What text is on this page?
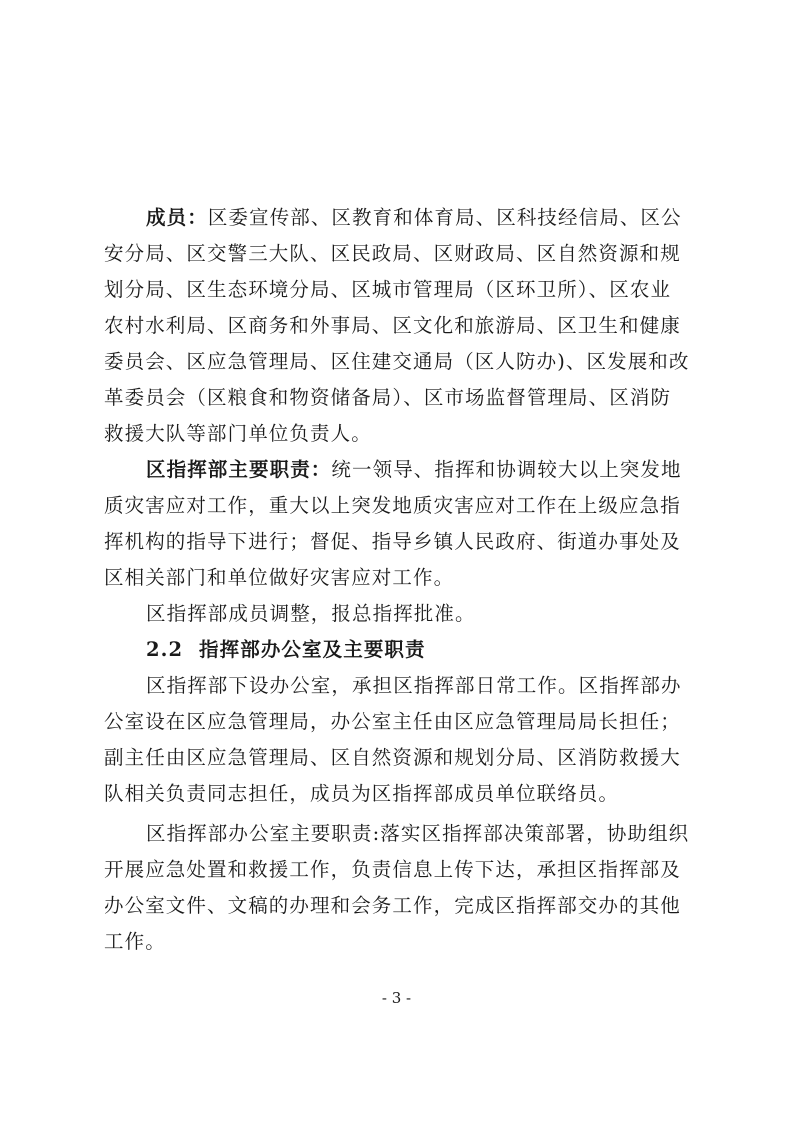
成员：区委宣传部、区教育和体育局、区科技经信局、区公
安分局、区交警三大队、区民政局、区财政局、区自然资源和规
划分局、区生态环境分局、区城市管理局（区环卫所）、区农业
农村水利局、区商务和外事局、区文化和旅游局、区卫生和健康
委员会、区应急管理局、区住建交通局（区人防办)、区发展和改
革委员会（区粮食和物资储备局）、区市场监督管理局、区消防
救援大队等部门单位负责人。
区指挥部主要职责：统一领导、指挥和协调较大以上突发地
质灾害应对工作，重大以上突发地质灾害应对工作在上级应急指
挥机构的指导下进行；督促、指导乡镇人民政府、街道办事处及
区相关部门和单位做好灾害应对工作。
区指挥部成员调整，报总指挥批准。
2.2 指挥部办公室及主要职责
区指挥部下设办公室，承担区指挥部日常工作。区指挥部办
公室设在区应急管理局，办公室主任由区应急管理局局长担任；
副主任由区应急管理局、区自然资源和规划分局、区消防救援大
队相关负责同志担任，成员为区指挥部成员单位联络员。
区指挥部办公室主要职责:落实区指挥部决策部署，协助组织
开展应急处置和救援工作，负责信息上传下达，承担区指挥部及
办公室文件、文稿的办理和会务工作，完成区指挥部交办的其他
工作。
- 3 -
